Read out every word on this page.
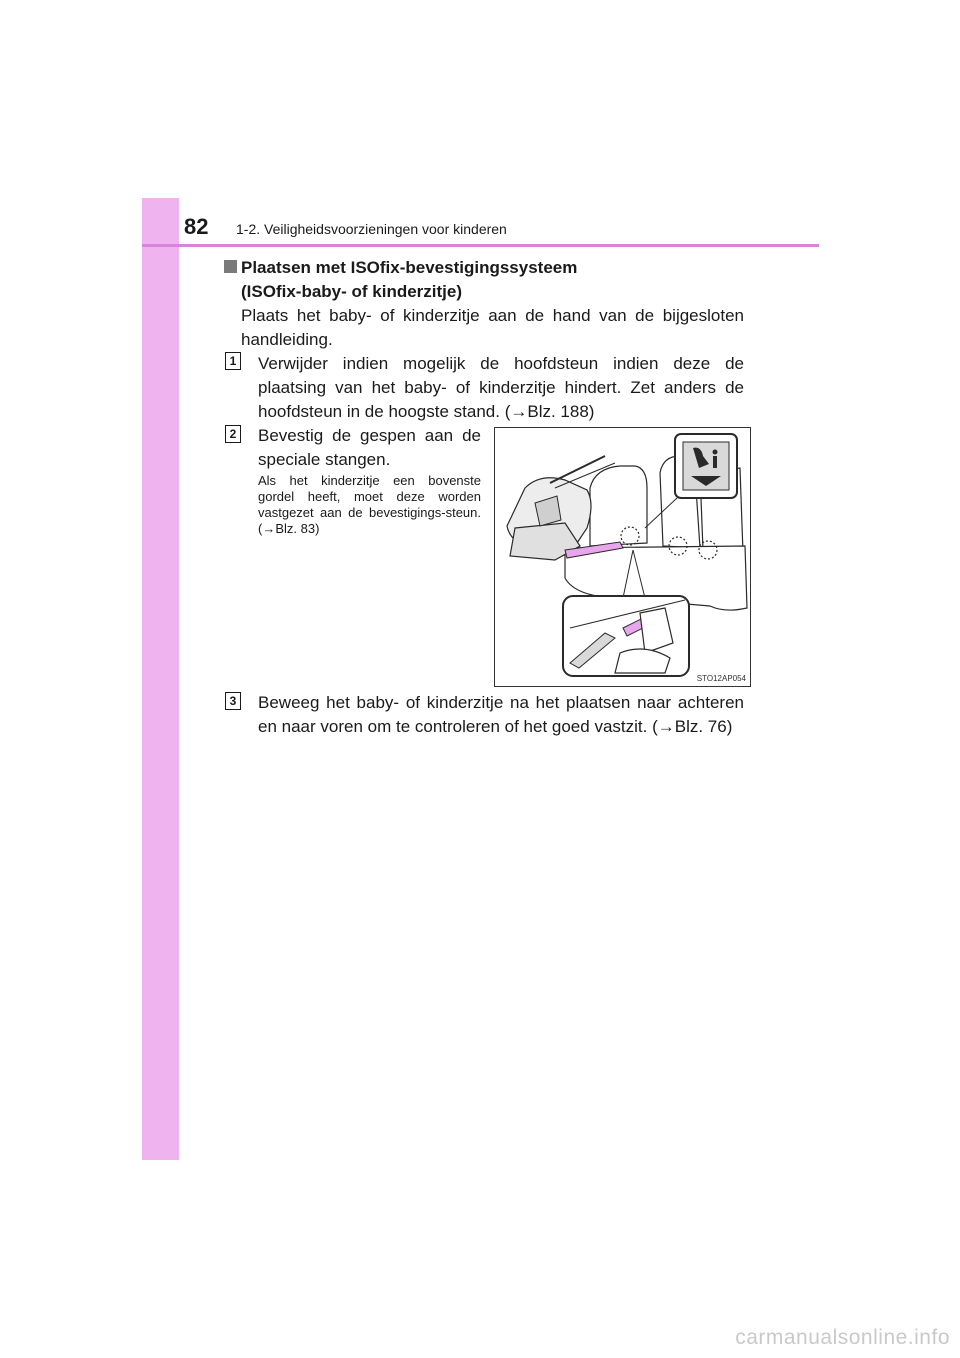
82 1-2. Veiligheidsvoorzieningen voor kinderen
Plaatsen met ISOfix-bevestigingssysteem
(ISOfix-baby- of kinderzitje)
Plaats het baby- of kinderzitje aan de hand van de bijgesloten handleiding.
1 Verwijder indien mogelijk de hoofdsteun indien deze de plaatsing van het baby- of kinderzitje hindert. Zet anders de hoofdsteun in de hoogste stand. (→Blz. 188)
2 Bevestig de gespen aan de speciale stangen.
Als het kinderzitje een bovenste gordel heeft, moet deze worden vastgezet aan de bevestigings-steun. (→Blz. 83)
STO12AP054
3 Beweeg het baby- of kinderzitje na het plaatsen naar achteren en naar voren om te controleren of het goed vastzit. (→Blz. 76)
carmanualsonline.info
